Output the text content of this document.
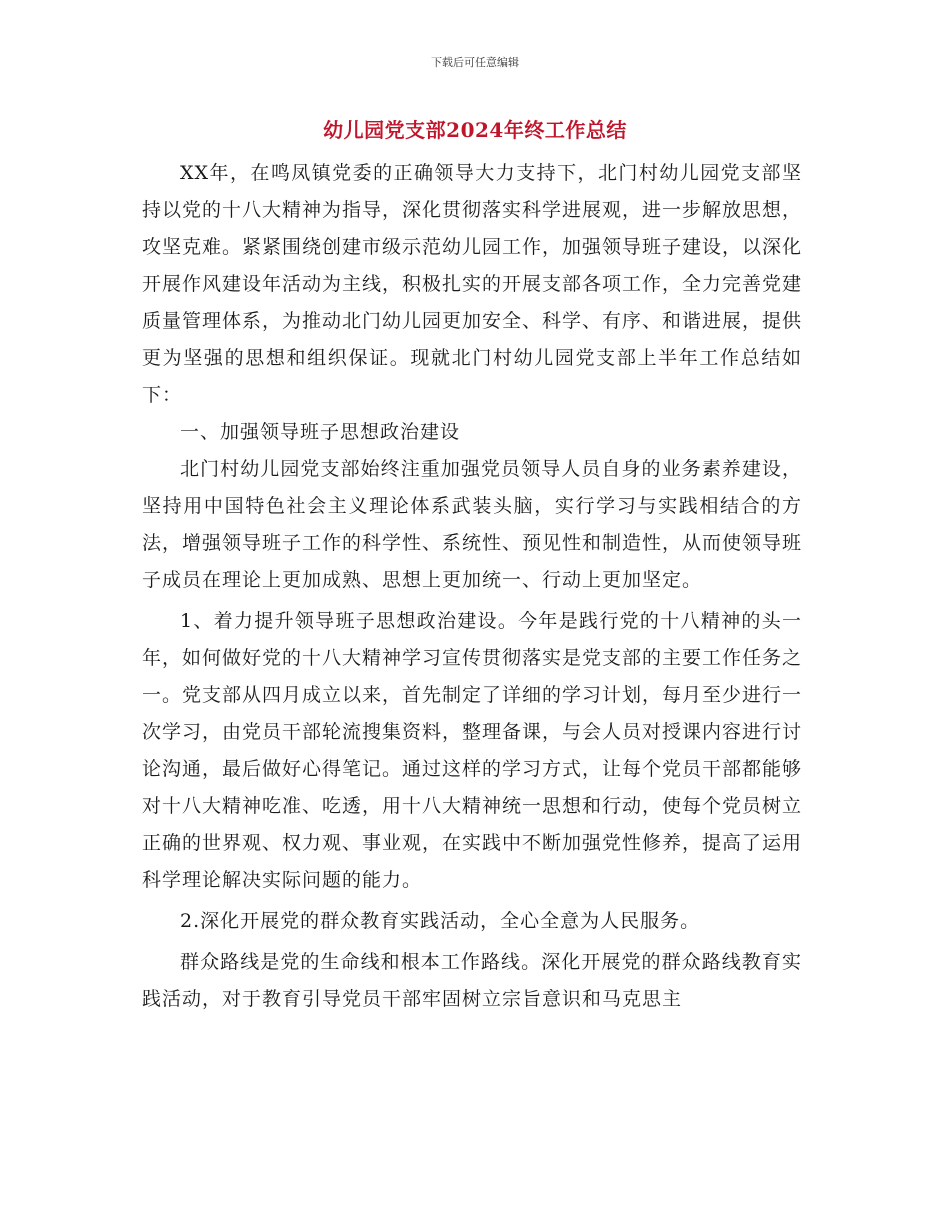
下载后可任意编辑
幼儿园党支部2024年终工作总结

XX年，在鸣凤镇党委的正确领导大力支持下，北门村幼儿园党支部坚持以党的十八大精神为指导，深化贯彻落实科学进展观，进一步解放思想，攻坚克难。紧紧围绕创建市级示范幼儿园工作，加强领导班子建设，以深化开展作风建设年活动为主线，积极扎实的开展支部各项工作，全力完善党建质量管理体系，为推动北门幼儿园更加安全、科学、有序、和谐进展，提供更为坚强的思想和组织保证。现就北门村幼儿园党支部上半年工作总结如下：

一、加强领导班子思想政治建设

北门村幼儿园党支部始终注重加强党员领导人员自身的业务素养建设，坚持用中国特色社会主义理论体系武装头脑，实行学习与实践相结合的方法，增强领导班子工作的科学性、系统性、预见性和制造性，从而使领导班子成员在理论上更加成熟、思想上更加统一、行动上更加坚定。

1、着力提升领导班子思想政治建设。今年是践行党的十八精神的头一年，如何做好党的十八大精神学习宣传贯彻落实是党支部的主要工作任务之一。党支部从四月成立以来，首先制定了详细的学习计划，每月至少进行一次学习，由党员干部轮流搜集资料，整理备课，与会人员对授课内容进行讨论沟通，最后做好心得笔记。通过这样的学习方式，让每个党员干部都能够对十八大精神吃准、吃透，用十八大精神统一思想和行动，使每个党员树立正确的世界观、权力观、事业观，在实践中不断加强党性修养，提高了运用科学理论解决实际问题的能力。

2.深化开展党的群众教育实践活动，全心全意为人民服务。

群众路线是党的生命线和根本工作路线。深化开展党的群众路线教育实践活动，对于教育引导党员干部牢固树立宗旨意识和马克思主
